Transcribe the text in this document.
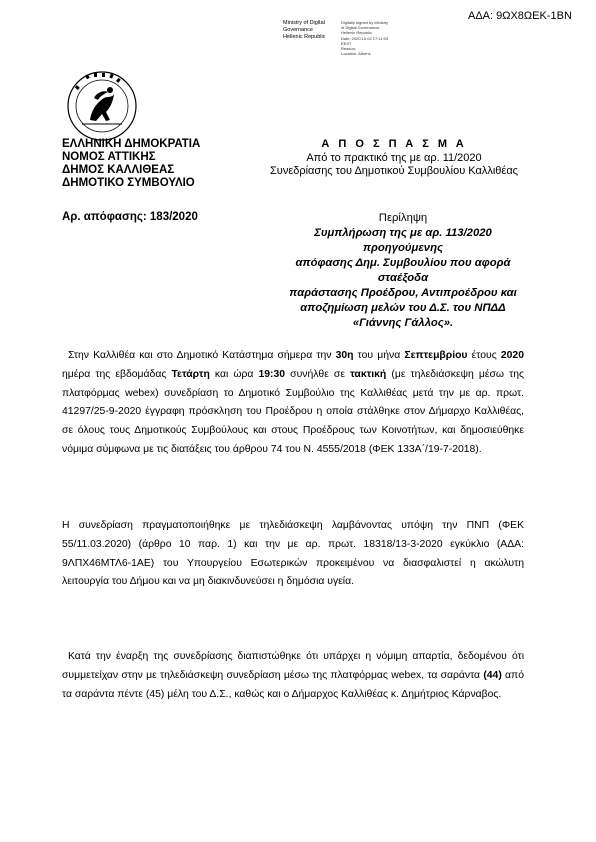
ΑΔΑ: 9ΩΧ8ΩΕΚ-1ΒΝ
Ministry of Digital
Governance
Hellenic Republic
Digitally signed by Ministry
of Digital Governance,
Hellenic Republic
Date: 2020.10.02 17:11:03
EEST
Reason:
Location: Athens
ΕΛΛΗΝΙΚΗ ΔΗΜΟΚΡΑΤΙΑ
ΝΟΜΟΣ ΑΤΤΙΚΗΣ
ΔΗΜΟΣ ΚΑΛΛΙΘΕΑΣ
ΔΗΜΟΤΙΚΟ ΣΥΜΒΟΥΛΙΟ
Α Π Ο Σ Π Α Σ Μ Α
Από το πρακτικό της με αρ. 11/2020
Συνεδρίασης του Δημοτικού Συμβουλίου Καλλιθέας
Αρ. απόφασης: 183/2020	Περίληψη
Συμπλήρωση της με αρ. 113/2020 προηγούμενης
απόφασης Δημ. Συμβουλίου που αφορά σταέξοδα
παράστασης Προέδρου, Αντιπροέδρου και
αποζημίωση μελών του Δ.Σ. του ΝΠΔΔ
«Γιάννης Γάλλος».
Στην Καλλιθέα και στο Δημοτικό Κατάστημα σήμερα την 30η του μήνα Σεπτεμβρίου έτους 2020 ημέρα της εβδομάδας Τετάρτη και ώρα 19:30 συνήλθε σε τακτική (με τηλεδιάσκεψη μέσω της πλατφόρμας webex) συνεδρίαση το Δημοτικό Συμβούλιο της Καλλιθέας μετά την με αρ. πρωτ. 41297/25-9-2020 έγγραφη πρόσκληση του Προέδρου η οποία στάλθηκε στον Δήμαρχο Καλλιθέας, σε όλους τους Δημοτικούς Συμβούλους και στους Προέδρους των Κοινοτήτων, και δημοσιεύθηκε νόμιμα σύμφωνα με τις διατάξεις του άρθρου 74 του Ν. 4555/2018 (ΦΕΚ 133Α΄/19-7-2018).
Η συνεδρίαση πραγματοποιήθηκε με τηλεδιάσκεψη λαμβάνοντας υπόψη την ΠΝΠ (ΦΕΚ 55/11.03.2020) (άρθρο 10 παρ. 1) και την με αρ. πρωτ. 18318/13-3-2020 εγκύκλιο (ΑΔΑ: 9ΛΠΧ46ΜΤΛ6-1ΑΕ) του Υπουργείου Εσωτερικών προκειμένου να διασφαλιστεί η ακώλυτη λειτουργία του Δήμου και να μη διακινδυνεύσει η δημόσια υγεία.
Κατά την έναρξη της συνεδρίασης διαπιστώθηκε ότι υπάρχει η νόμιμη απαρτία, δεδομένου ότι συμμετείχαν στην με τηλεδιάσκεψη συνεδρίαση μέσω της πλατφόρμας webex, τα σαράντα (44) από τα σαράντα πέντε (45) μέλη του Δ.Σ., καθώς και ο Δήμαρχος Καλλιθέας κ. Δημήτριος Κάρναβος.
